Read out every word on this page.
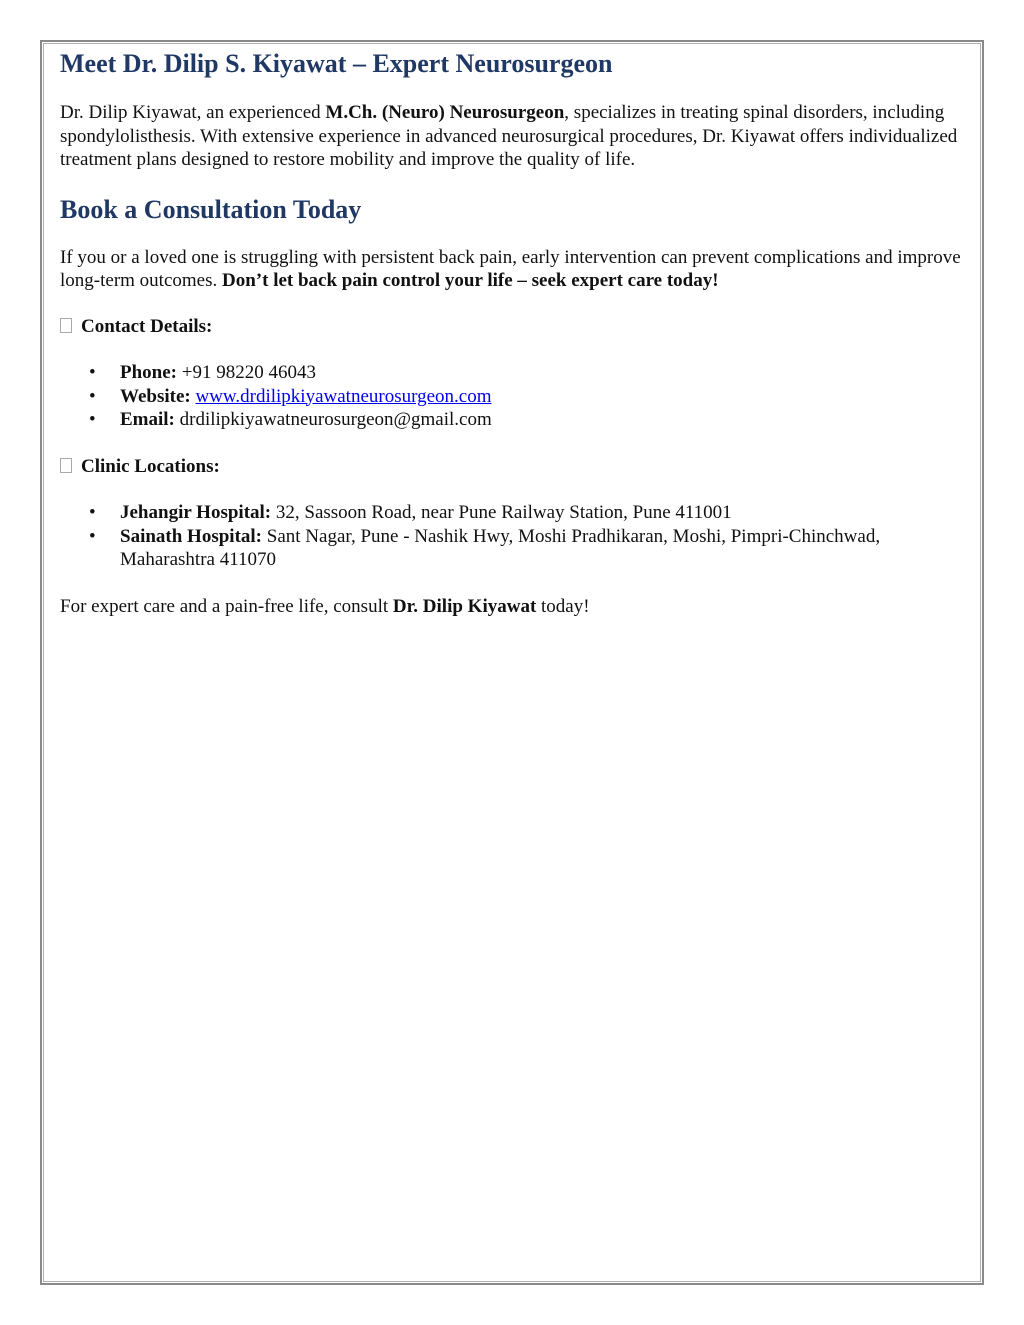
Meet Dr. Dilip S. Kiyawat – Expert Neurosurgeon

Dr. Dilip Kiyawat, an experienced M.Ch. (Neuro) Neurosurgeon, specializes in treating spinal disorders, including spondylolisthesis. With extensive experience in advanced neurosurgical procedures, Dr. Kiyawat offers individualized treatment plans designed to restore mobility and improve the quality of life.

Book a Consultation Today

If you or a loved one is struggling with persistent back pain, early intervention can prevent complications and improve long-term outcomes. Don’t let back pain control your life – seek expert care today!

Contact Details:
• Phone: +91 98220 46043
• Website: www.drdilipkiyawatneurosurgeon.com
• Email: drdilipkiyawatneurosurgeon@gmail.com
Clinic Locations:
• Jehangir Hospital: 32, Sassoon Road, near Pune Railway Station, Pune 411001
• Sainath Hospital: Sant Nagar, Pune - Nashik Hwy, Moshi Pradhikaran, Moshi, Pimpri-Chinchwad, Maharashtra 411070

For expert care and a pain-free life, consult Dr. Dilip Kiyawat today!
